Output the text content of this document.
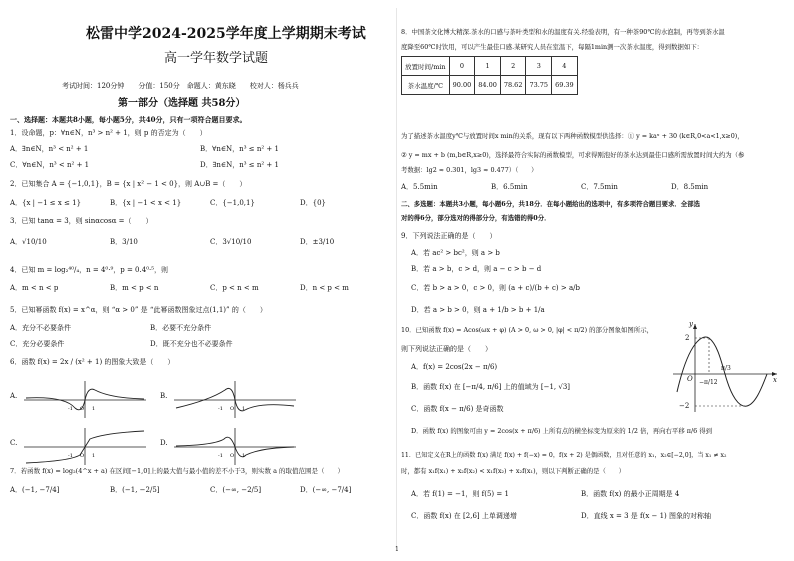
松雷中学2024-2025学年度上学期期末考试
高一学年数学试题
考试时间：120分钟　　分值：150分　命题人：黄东晓　　校对人：杨兵兵
第一部分（选择题 共58分）
一、选择题：本题共8小题，每小题5分，共40分，只有一项符合题目要求。
1．设命题，p：∀n∈N，n³ > n² + 1，则 p 的否定为（　　）
A．∃n∈N，n³ < n² + 1	B．∀n∈N，n³ ≤ n² + 1
C．∀n∈N，n³ < n² + 1	D．∃n∈N，n³ ≤ n² + 1
2．已知集合 A = {−1,0,1}，B = {x | x² − 1 < 0}，则 A∪B =（　　）
A．{x | −1 ≤ x ≤ 1}	B．{x | −1 < x < 1}	C．{−1,0,1}	D．{0}
3．已知 tanα = 3，则 sinαcosα =（　　）
A．√10/10	B．3/10	C．3√10/10	D．±3/10
4．已知 m = log₂⁴⁰/₄，n = 4⁰·⁹，p = 0.4⁰·⁵，则
A．m < n < p	B．m < p < n	C．p < n < m	D．n < p < m
5．已知幂函数 f(x) = x^α，则 “α > 0” 是 “此幂函数图象过点(1,1)” 的（　　）
A．充分不必要条件	B．必要不充分条件
C．充分必要条件	D．既不充分也不必要条件
6．函数 f(x) = 2x / (x² + 1) 的图象大致是（　　）
A.
-1 O 1
B.
-1 O 1
C.
-1 O 1
D.
-1 O 1
7．若函数 f(x) = log₂(4^x + a) 在区间[−1,0]上的最大值与最小值的差不小于3，则实数 a 的取值范围是（　　）
A．(−1, −7/4]	B．(−1, −2/5]	C．(−∞, −2/5]	D．(−∞, −7/4]
8．中国茶文化博大精深.茶水的口感与茶叶类型和水的温度有关.经验表明，有一种茶90℃的水泡制，再等到茶水温
度降至60℃时饮用，可以产生最佳口感.某研究人员在室温下，每隔1min测一次茶水温度，得到数据如下：
放置时间/min	0	1	2	3	4
茶水温度/℃	90.00	84.00	78.62	73.75	69.39
为了描述茶水温度y℃与放置时间x min的关系，现有以下两种函数模型供选择：① y = kaˣ + 30 (k∈R,0<a<1,x≥0)，
② y = mx + b (m,b∈R,x≥0)，选择最符合实际的函数模型，可求得刚泡好的茶水达到最佳口感所需放置时间大约为（参
考数据：lg2 ≈ 0.301，lg3 ≈ 0.477）（　　）
A．5.5min	B．6.5min	C．7.5min	D．8.5min
二、多选题：本题共3小题，每小题6分，共18分．在每小题给出的选项中，有多项符合题目要求．全部选
对的得6分，部分选对的得部分分，有选错的得0分．
9．下列说法正确的是（　　）
A．若 ac² > bc²，则 a > b
B．若 a > b，c > d，则 a − c > b − d
C．若 b > a > 0，c > 0，则 (a + c)/(b + c) > a/b
D．若 a > b > 0，则 a + 1/b > b + 1/a
10．已知函数 f(x) = Acos(ωx + φ) (A > 0, ω > 0, |φ| < π/2) 的部分图象如图所示，
则下列说法正确的是（　　）
A．f(x) = 2cos(2x − π/6)
B．函数 f(x) 在 [−π/4, π/6] 上的值域为 [−1, √3]
C．函数 f(x − π/6) 是奇函数
D．函数 f(x) 的图象可由 y = 2cos(x + π/6) 上所有点的横坐标变为原来的 1/2 倍，再向右平移 π/6 得到
y
2
−2
O	x
π/3
−π/12
11．已知定义在R上的函数 f(x) 满足 f(x) + f(−x) = 0，f(x + 2) 是偶函数，且对任意的 x₁，x₂∈[−2,0]，当 x₁ ≠ x₂
时，都有 x₁f(x₁) + x₂f(x₂) < x₁f(x₂) + x₂f(x₁)，则以下判断正确的是（　　）
A．若 f(1) = −1，则 f(5) = 1	B．函数 f(x) 的最小正周期是 4
C．函数 f(x) 在 [2,6] 上单调递增	D．直线 x = 3 是 f(x − 1) 图象的对称轴
1
